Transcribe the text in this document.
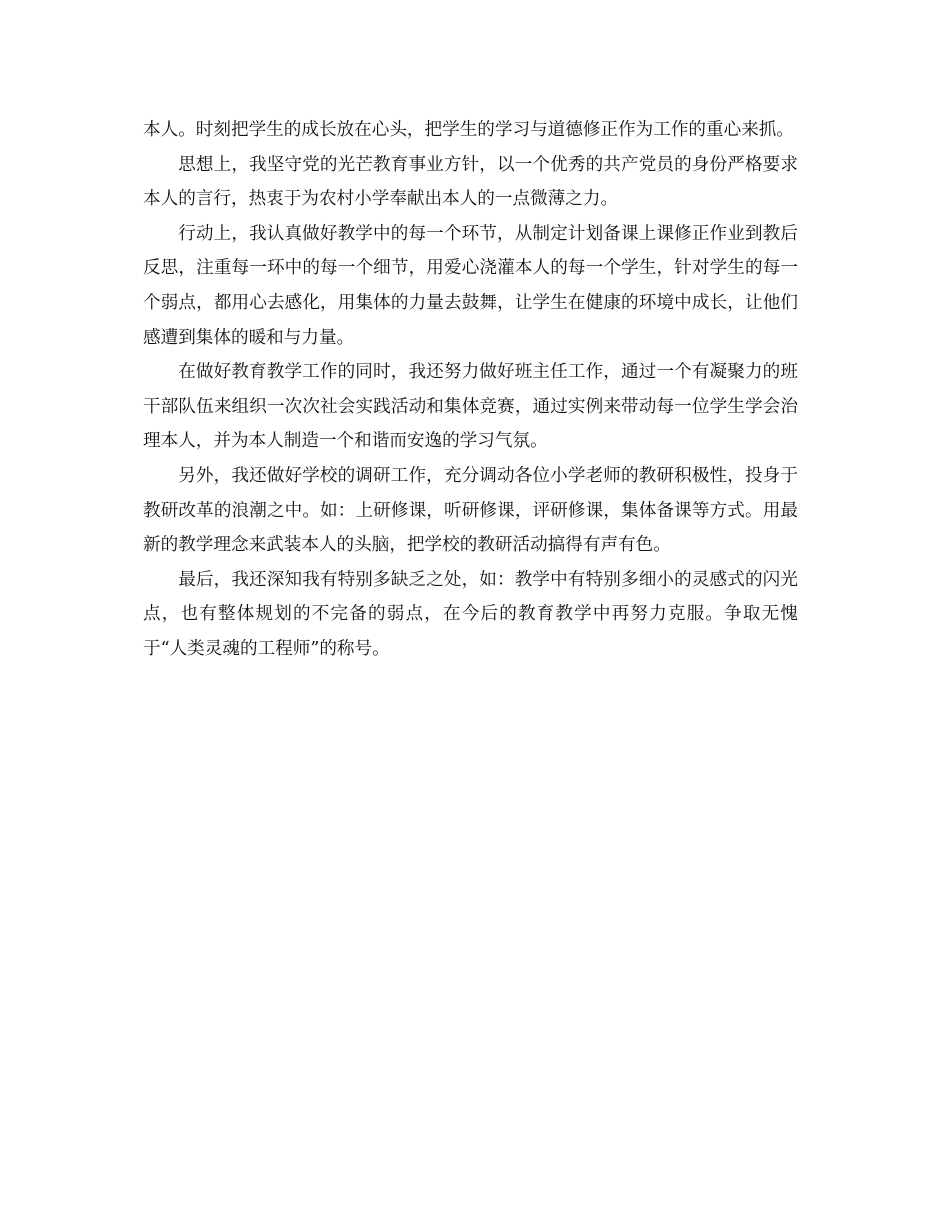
本人。时刻把学生的成长放在心头，把学生的学习与道德修正作为工作的重心来抓。

思想上，我坚守党的光芒教育事业方针，以一个优秀的共产党员的身份严格要求本人的言行，热衷于为农村小学奉献出本人的一点微薄之力。

行动上，我认真做好教学中的每一个环节，从制定计划备课上课修正作业到教后反思，注重每一环中的每一个细节，用爱心浇灌本人的每一个学生，针对学生的每一个弱点，都用心去感化，用集体的力量去鼓舞，让学生在健康的环境中成长，让他们感遭到集体的暖和与力量。

在做好教育教学工作的同时，我还努力做好班主任工作，通过一个有凝聚力的班干部队伍来组织一次次社会实践活动和集体竞赛，通过实例来带动每一位学生学会治理本人，并为本人制造一个和谐而安逸的学习气氛。

另外，我还做好学校的调研工作，充分调动各位小学老师的教研积极性，投身于教研改革的浪潮之中。如：上研修课，听研修课，评研修课，集体备课等方式。用最新的教学理念来武装本人的头脑，把学校的教研活动搞得有声有色。

最后，我还深知我有特别多缺乏之处，如：教学中有特别多细小的灵感式的闪光点，也有整体规划的不完备的弱点，在今后的教育教学中再努力克服。争取无愧于“人类灵魂的工程师”的称号。
